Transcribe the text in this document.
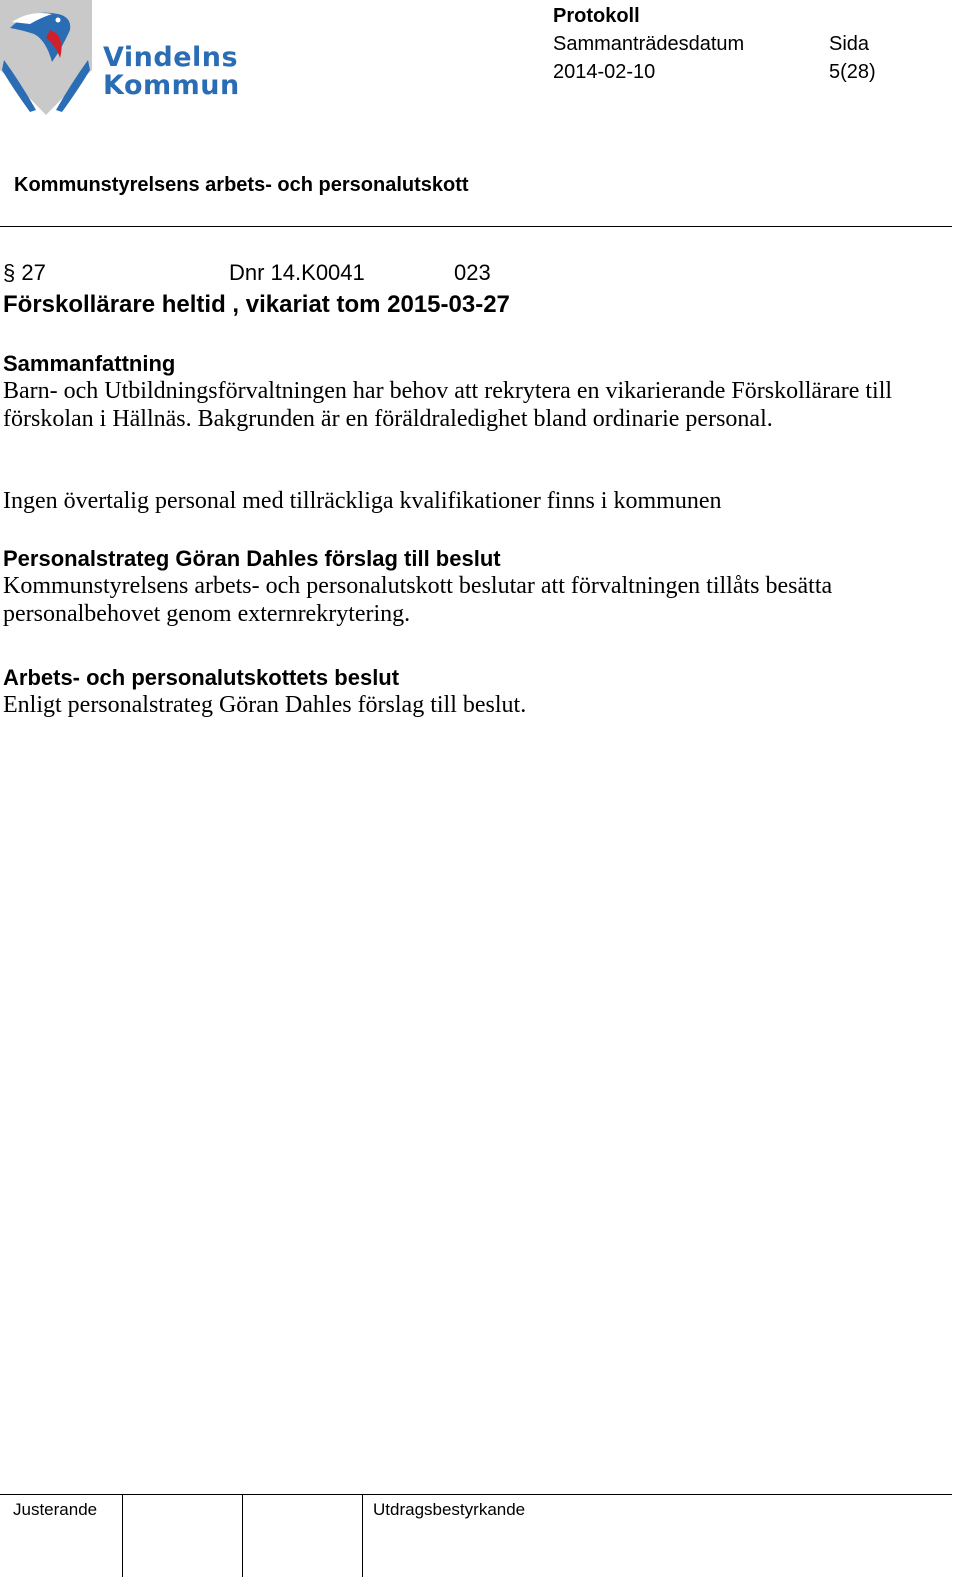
Vindelns
Kommun
Protokoll
Sammanträdesdatum	Sida
2014-02-10	5(28)
Kommunstyrelsens arbets- och personalutskott
§ 27	Dnr 14.K0041	023
Förskollärare heltid , vikariat tom 2015-03-27
Sammanfattning

Barn- och Utbildningsförvaltningen har behov att rekrytera en vikarierande Förskollärare till förskolan i Hällnäs. Bakgrunden är en föräldraledighet bland ordinarie personal.

Ingen övertalig personal med tillräckliga kvalifikationer finns i kommunen

Personalstrateg Göran Dahles förslag till beslut

Kommunstyrelsens arbets- och personalutskott beslutar att förvaltningen tillåts besätta personalbehovet genom externrekrytering.

Arbets- och personalutskottets beslut

Enligt personalstrateg Göran Dahles förslag till beslut.

Justerande	Utdragsbestyrkande
